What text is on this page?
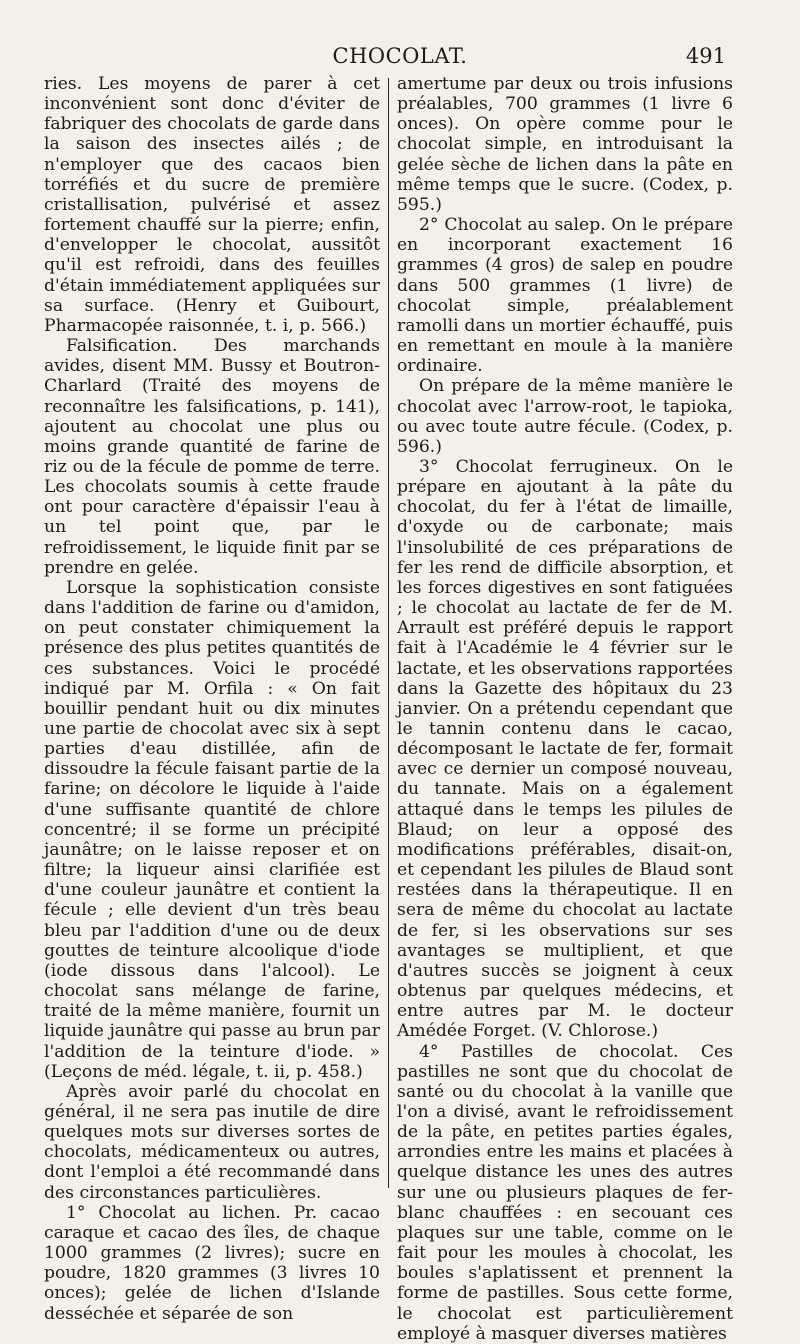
CHOCOLAT.	491

ries. Les moyens de parer à cet inconvénient sont donc d'éviter de fabriquer des chocolats de garde dans la saison des insectes ailés ; de n'employer que des cacaos bien torréfiés et du sucre de première cristallisation, pulvérisé et assez fortement chauffé sur la pierre; enfin, d'envelopper le chocolat, aussitôt qu'il est refroidi, dans des feuilles d'étain immédiatement appliquées sur sa surface. (Henry et Guibourt, Pharmacopée raisonnée, t. i, p. 566.)

Falsification. Des marchands avides, disent MM. Bussy et Boutron-Charlard (Traité des moyens de reconnaître les falsifications, p. 141), ajoutent au chocolat une plus ou moins grande quantité de farine de riz ou de la fécule de pomme de terre. Les chocolats soumis à cette fraude ont pour caractère d'épaissir l'eau à un tel point que, par le refroidissement, le liquide finit par se prendre en gelée.

Lorsque la sophistication consiste dans l'addition de farine ou d'amidon, on peut constater chimiquement la présence des plus petites quantités de ces substances. Voici le procédé indiqué par M. Orfila : « On fait bouillir pendant huit ou dix minutes une partie de chocolat avec six à sept parties d'eau distillée, afin de dissoudre la fécule faisant partie de la farine; on décolore le liquide à l'aide d'une suffisante quantité de chlore concentré; il se forme un précipité jaunâtre; on le laisse reposer et on filtre; la liqueur ainsi clarifiée est d'une couleur jaunâtre et contient la fécule ; elle devient d'un très beau bleu par l'addition d'une ou de deux gouttes de teinture alcoolique d'iode (iode dissous dans l'alcool). Le chocolat sans mélange de farine, traité de la même manière, fournit un liquide jaunâtre qui passe au brun par l'addition de la teinture d'iode. » (Leçons de méd. légale, t. ii, p. 458.)

Après avoir parlé du chocolat en général, il ne sera pas inutile de dire quelques mots sur diverses sortes de chocolats, médicamenteux ou autres, dont l'emploi a été recommandé dans des circonstances particulières.

1° Chocolat au lichen. Pr. cacao caraque et cacao des îles, de chaque 1000 grammes (2 livres); sucre en poudre, 1820 grammes (3 livres 10 onces); gelée de lichen d'Islande desséchée et séparée de son

amertume par deux ou trois infusions préalables, 700 grammes (1 livre 6 onces). On opère comme pour le chocolat simple, en introduisant la gelée sèche de lichen dans la pâte en même temps que le sucre. (Codex, p. 595.)

2° Chocolat au salep. On le prépare en incorporant exactement 16 grammes (4 gros) de salep en poudre dans 500 grammes (1 livre) de chocolat simple, préalablement ramolli dans un mortier échauffé, puis en remettant en moule à la manière ordinaire.

On prépare de la même manière le chocolat avec l'arrow-root, le tapioka, ou avec toute autre fécule. (Codex, p. 596.)

3° Chocolat ferrugineux. On le prépare en ajoutant à la pâte du chocolat, du fer à l'état de limaille, d'oxyde ou de carbonate; mais l'insolubilité de ces préparations de fer les rend de difficile absorption, et les forces digestives en sont fatiguées ; le chocolat au lactate de fer de M. Arrault est préféré depuis le rapport fait à l'Académie le 4 février sur le lactate, et les observations rapportées dans la Gazette des hôpitaux du 23 janvier. On a prétendu cependant que le tannin contenu dans le cacao, décomposant le lactate de fer, formait avec ce dernier un composé nouveau, du tannate. Mais on a également attaqué dans le temps les pilules de Blaud; on leur a opposé des modifications préférables, disait-on, et cependant les pilules de Blaud sont restées dans la thérapeutique. Il en sera de même du chocolat au lactate de fer, si les observations sur ses avantages se multiplient, et que d'autres succès se joignent à ceux obtenus par quelques médecins, et entre autres par M. le docteur Amédée Forget. (V. Chlorose.)

4° Pastilles de chocolat. Ces pastilles ne sont que du chocolat de santé ou du chocolat à la vanille que l'on a divisé, avant le refroidissement de la pâte, en petites parties égales, arrondies entre les mains et placées à quelque distance les unes des autres sur une ou plusieurs plaques de fer-blanc chauffées : en secouant ces plaques sur une table, comme on le fait pour les moules à chocolat, les boules s'aplatissent et prennent la forme de pastilles. Sous cette forme, le chocolat est particulièrement employé à masquer diverses matières
